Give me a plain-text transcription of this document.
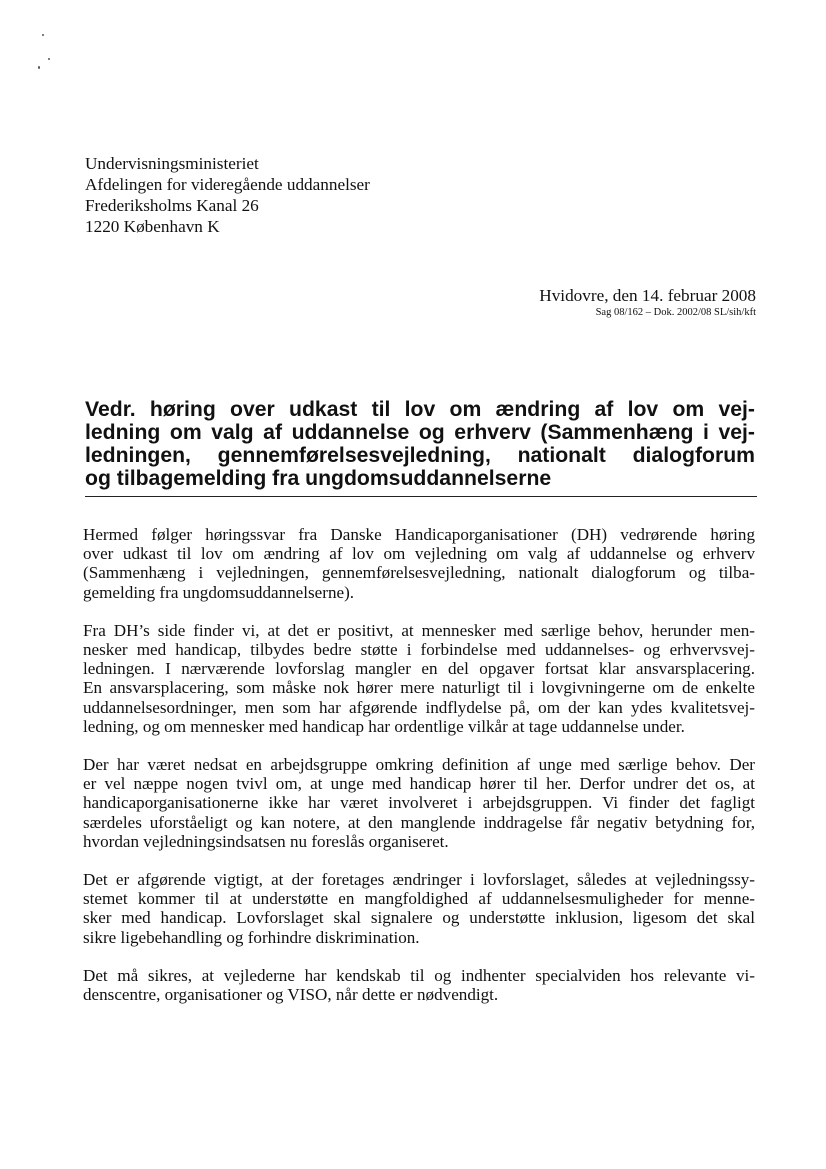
Undervisningsministeriet
Afdelingen for videregående uddannelser
Frederiksholms Kanal 26
1220 København K
Hvidovre, den 14. februar 2008
Sag 08/162 – Dok. 2002/08 SL/sih/kft
Vedr. høring over udkast til lov om ændring af lov om vej-
ledning om valg af uddannelse og erhverv (Sammenhæng i vej-
ledningen, gennemførelsesvejledning, nationalt dialogforum
og tilbagemelding fra ungdomsuddannelserne
Hermed følger høringssvar fra Danske Handicaporganisationer (DH) vedrørende høring
over udkast til lov om ændring af lov om vejledning om valg af uddannelse og erhverv
(Sammenhæng i vejledningen, gennemførelsesvejledning, nationalt dialogforum og tilba-
gemelding fra ungdomsuddannelserne).
Fra DH’s side finder vi, at det er positivt, at mennesker med særlige behov, herunder men-
nesker med handicap, tilbydes bedre støtte i forbindelse med uddannelses- og erhvervsvej-
ledningen. I nærværende lovforslag mangler en del opgaver fortsat klar ansvarsplacering.
En ansvarsplacering, som måske nok hører mere naturligt til i lovgivningerne om de enkelte
uddannelsesordninger, men som har afgørende indflydelse på, om der kan ydes kvalitetsvej-
ledning, og om mennesker med handicap har ordentlige vilkår at tage uddannelse under.
Der har været nedsat en arbejdsgruppe omkring definition af unge med særlige behov. Der
er vel næppe nogen tvivl om, at unge med handicap hører til her. Derfor undrer det os, at
handicaporganisationerne ikke har været involveret i arbejdsgruppen. Vi finder det fagligt
særdeles uforståeligt og kan notere, at den manglende inddragelse får negativ betydning for,
hvordan vejledningsindsatsen nu foreslås organiseret.
Det er afgørende vigtigt, at der foretages ændringer i lovforslaget, således at vejledningssy-
stemet kommer til at understøtte en mangfoldighed af uddannelsesmuligheder for menne-
sker med handicap. Lovforslaget skal signalere og understøtte inklusion, ligesom det skal
sikre ligebehandling og forhindre diskrimination.
Det må sikres, at vejlederne har kendskab til og indhenter specialviden hos relevante vi-
denscentre, organisationer og VISO, når dette er nødvendigt.
